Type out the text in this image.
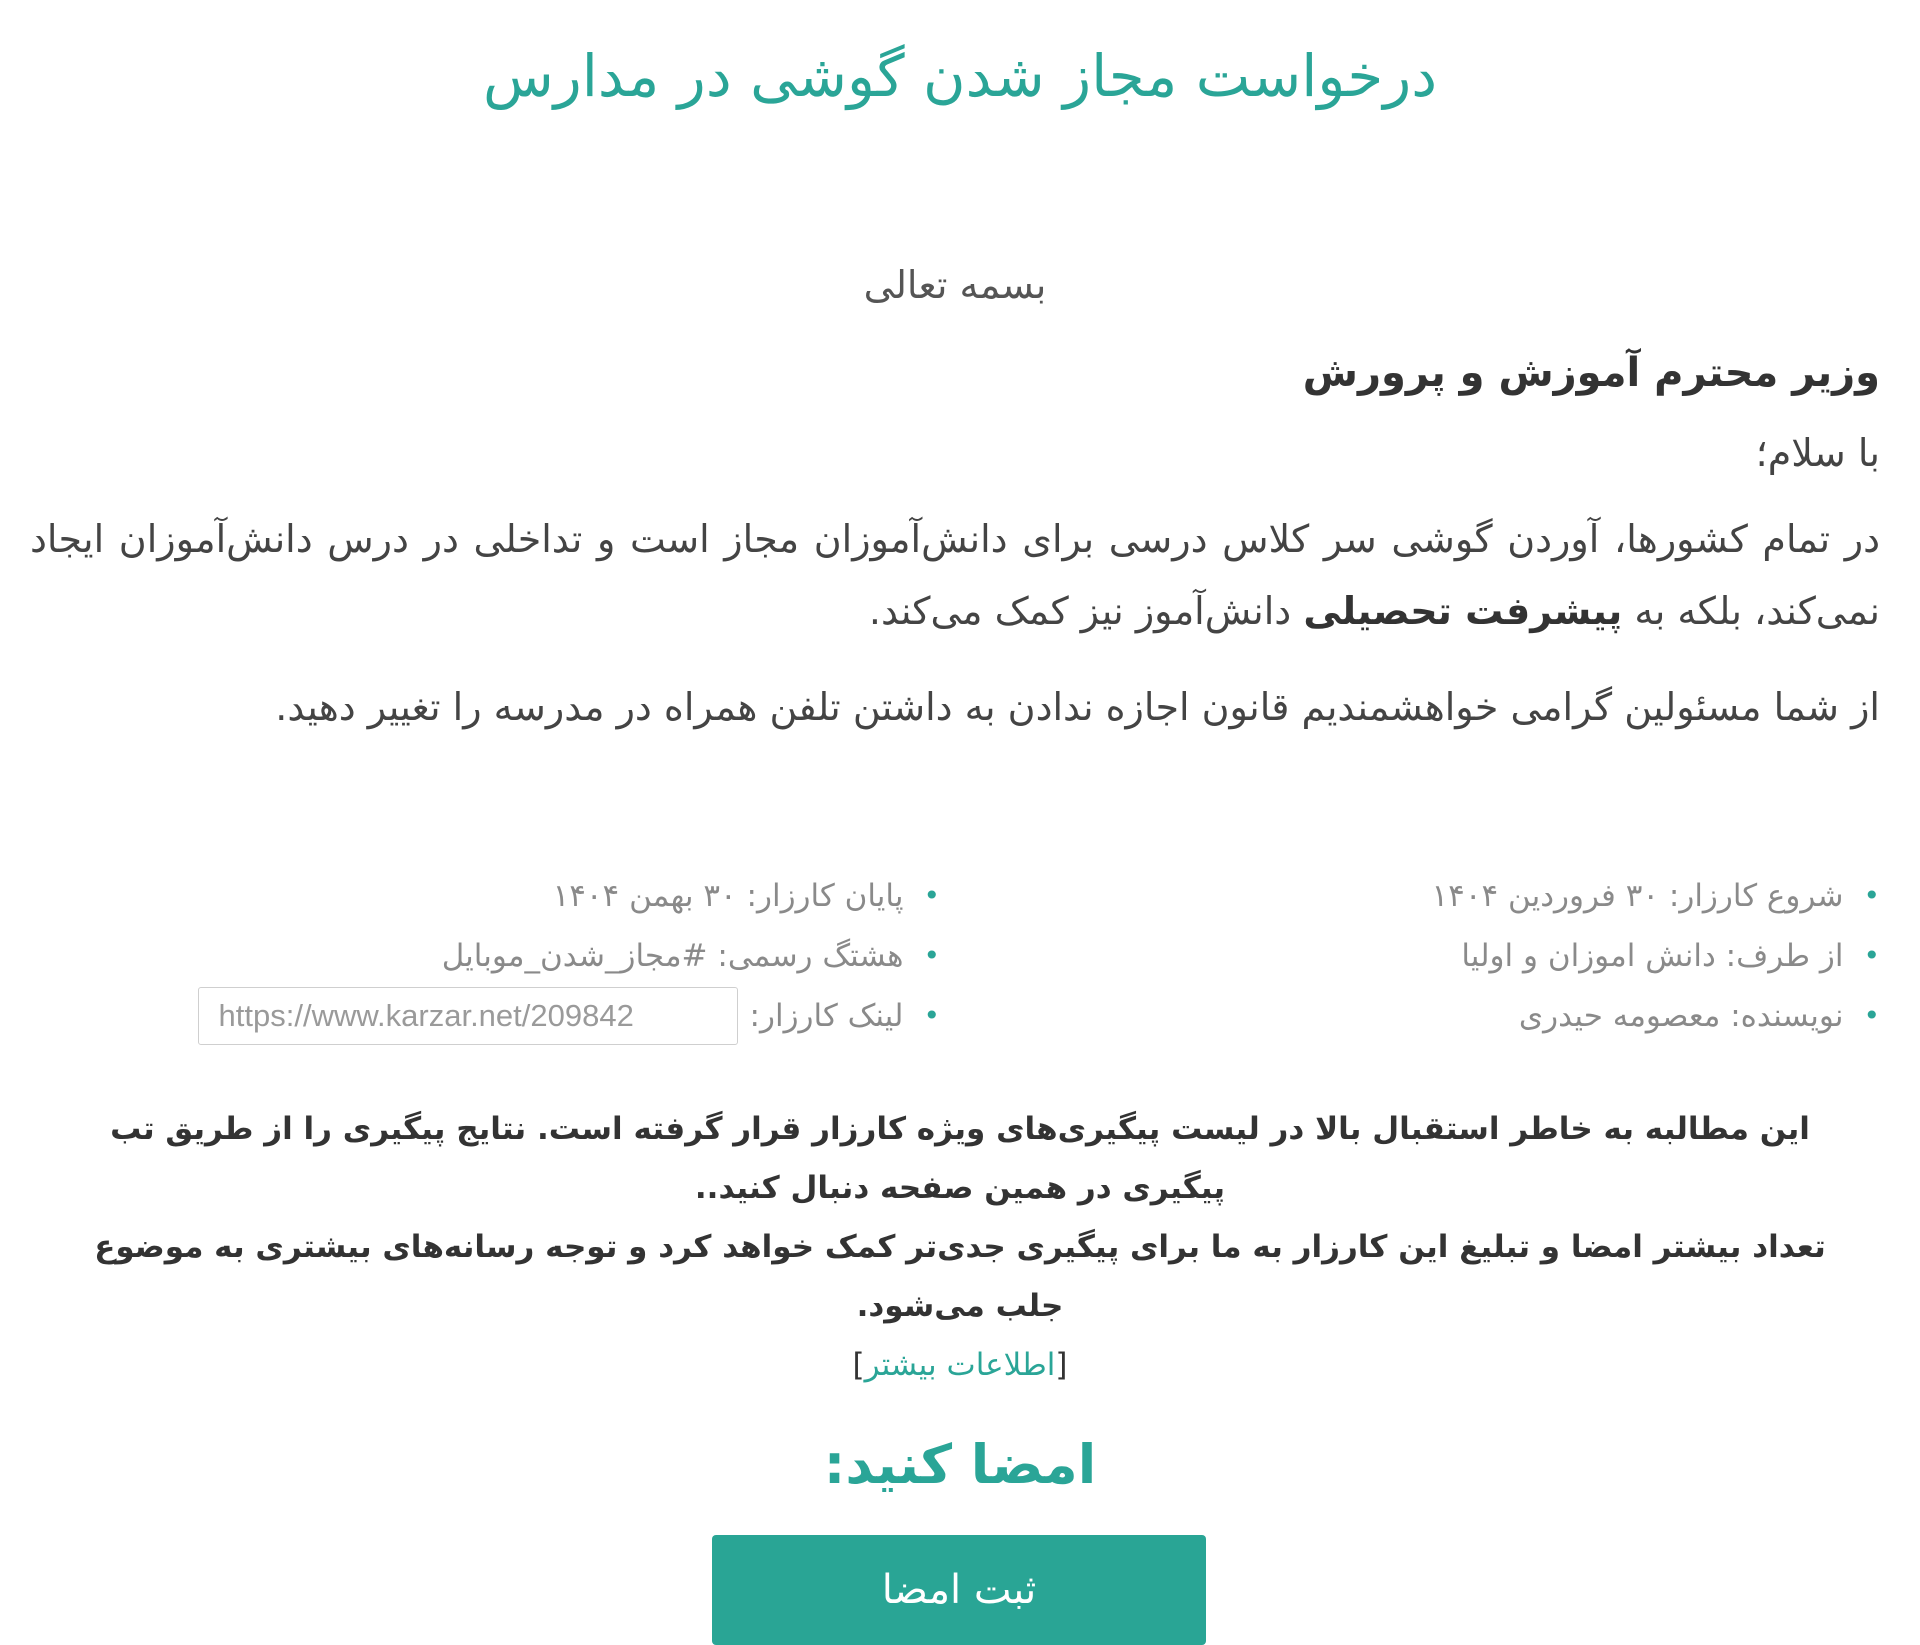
درخواست مجاز شدن گوشی در مدارس

بسمه تعالی

وزیر محترم آموزش و پرورش

با سلام؛

در تمام کشورها، آوردن گوشی سر کلاس درسی برای دانش‌آموزان مجاز است و تداخلی در درس دانش‌آموزان ایجاد نمی‌کند، بلکه به پیشرفت تحصیلی دانش‌آموز نیز کمک می‌کند.

از شما مسئولین گرامی خواهشمندیم قانون اجازه ندادن به داشتن تلفن همراه در مدرسه را تغییر دهید.

•
شروع کارزار: ۳۰ فروردین ۱۴۰۴
•
از طرف: دانش اموزان و اولیا
•
نویسنده: معصومه حیدری
•
پایان کارزار: ۳۰ بهمن ۱۴۰۴
•
هشتگ رسمی: #مجاز_شدن_موبایل
•
لینک کارزار:
https://www.karzar.net/209842

این مطالبه به خاطر استقبال بالا در لیست پیگیری‌های ویژه کارزار قرار گرفته است. نتایج پیگیری را از طریق تب پیگیری در همین صفحه دنبال کنید..

تعداد بیشتر امضا و تبلیغ این کارزار به ما برای پیگیری جدی‌تر کمک خواهد کرد و توجه رسانه‌های بیشتری به موضوع جلب می‌شود.

[اطلاعات بیشتر]

امضا کنید:
ثبت امضا
